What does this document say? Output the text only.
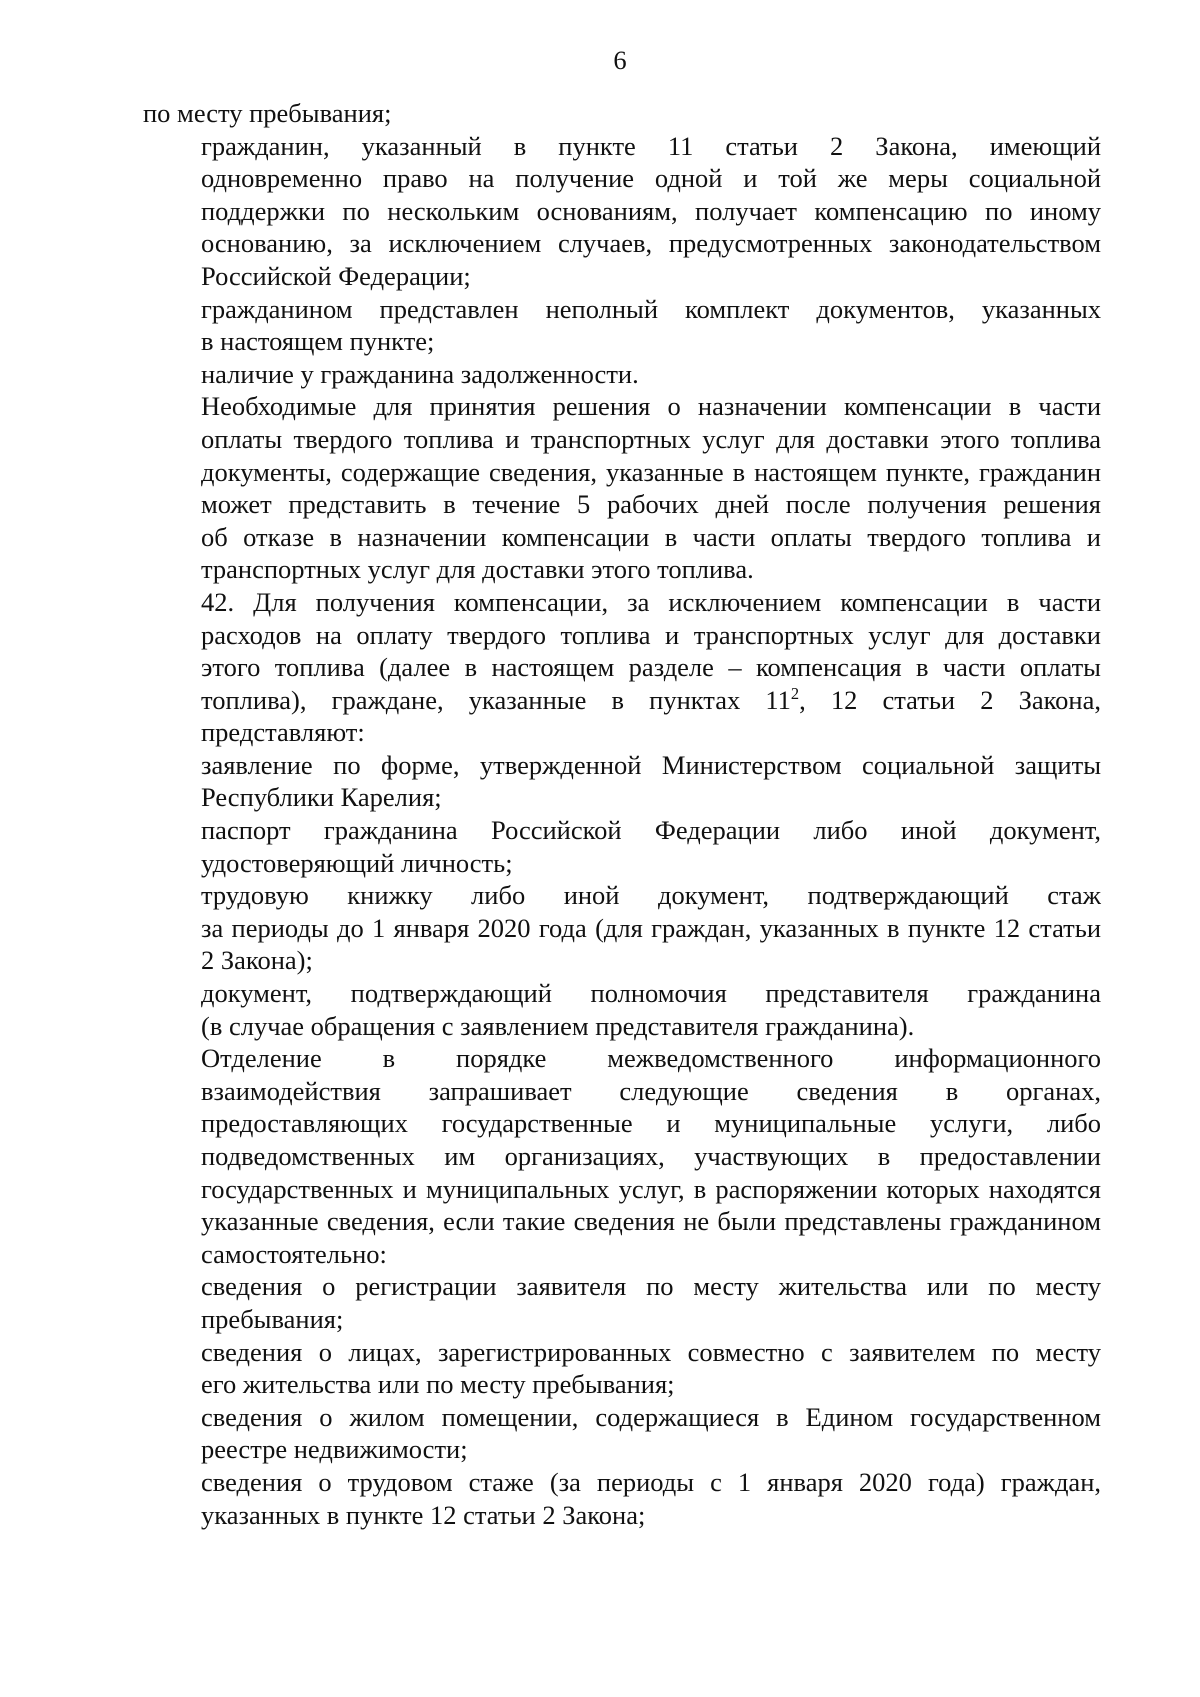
6

по месту пребывания;

гражданин, указанный в пункте 11 статьи 2 Закона, имеющий
одновременно право на получение одной и той же меры социальной
поддержки по нескольким основаниям, получает компенсацию по иному
основанию, за исключением случаев, предусмотренных законодательством
Российской Федерации;

гражданином представлен неполный комплект документов, указанных
в настоящем пункте;

наличие у гражданина задолженности.

Необходимые для принятия решения о назначении компенсации в части
оплаты твердого топлива и транспортных услуг для доставки этого топлива
документы, содержащие сведения, указанные в настоящем пункте, гражданин
может представить в течение 5 рабочих дней после получения решения
об отказе в назначении компенсации в части оплаты твердого топлива и
транспортных услуг для доставки этого топлива.

42. Для получения компенсации, за исключением компенсации в части
расходов на оплату твердого топлива и транспортных услуг для доставки
этого топлива (далее в настоящем разделе – компенсация в части оплаты
топлива), граждане, указанные в пунктах $11^2$, 12 статьи 2 Закона,
представляют:

заявление по форме, утвержденной Министерством социальной защиты
Республики Карелия;

паспорт гражданина Российской Федерации либо иной документ,
удостоверяющий личность;

трудовую книжку либо иной документ, подтверждающий стаж
за периоды до 1 января 2020 года (для граждан, указанных в пункте 12 статьи
2 Закона);

документ, подтверждающий полномочия представителя гражданина
(в случае обращения с заявлением представителя гражданина).

Отделение в порядке межведомственного информационного
взаимодействия запрашивает следующие сведения в органах,
предоставляющих государственные и муниципальные услуги, либо
подведомственных им организациях, участвующих в предоставлении
государственных и муниципальных услуг, в распоряжении которых находятся
указанные сведения, если такие сведения не были представлены гражданином
самостоятельно:

сведения о регистрации заявителя по месту жительства или по месту
пребывания;

сведения о лицах, зарегистрированных совместно с заявителем по месту
его жительства или по месту пребывания;

сведения о жилом помещении, содержащиеся в Едином государственном
реестре недвижимости;

сведения о трудовом стаже (за периоды с 1 января 2020 года) граждан,
указанных в пункте 12 статьи 2 Закона;
